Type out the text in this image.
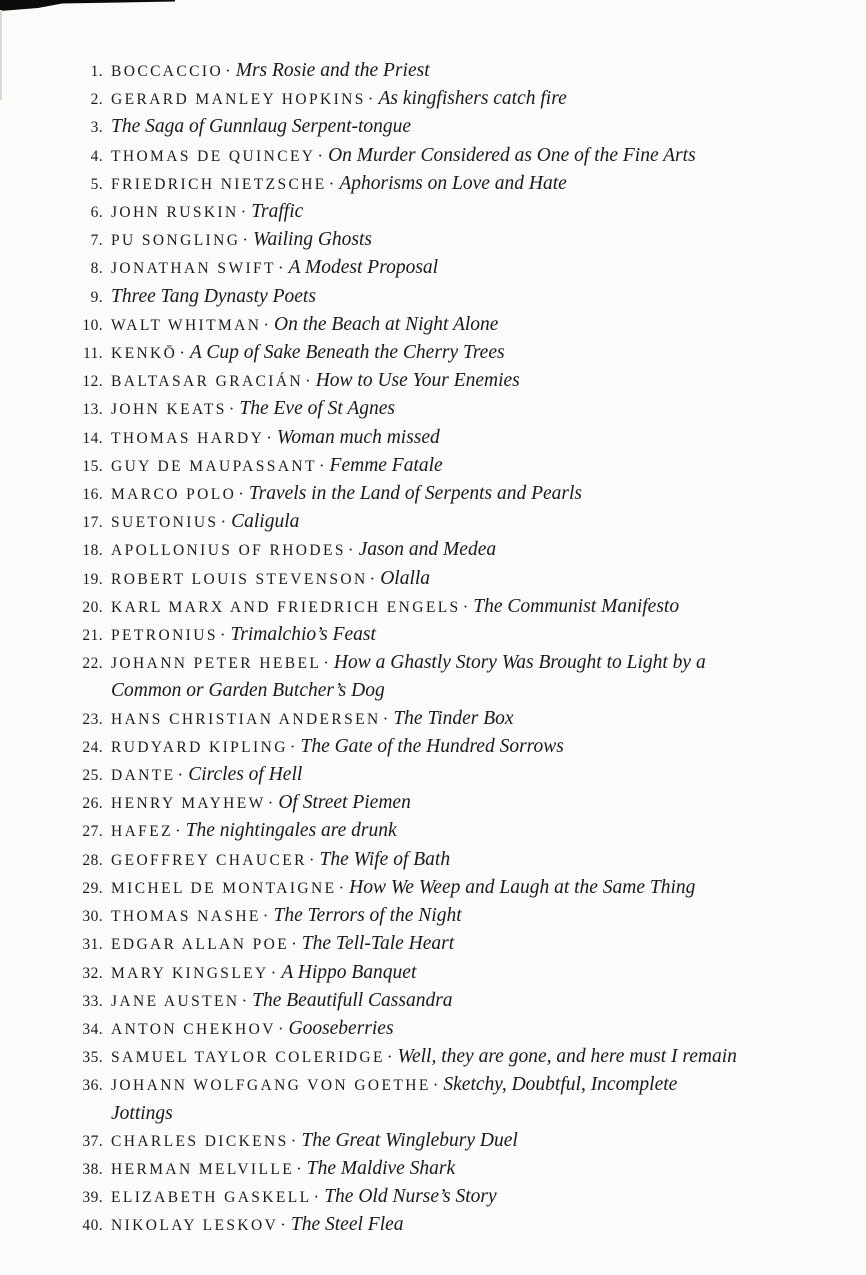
1. BOCCACCIO · Mrs Rosie and the Priest
2. GERARD MANLEY HOPKINS · As kingfishers catch fire
3. The Saga of Gunnlaug Serpent-tongue
4. THOMAS DE QUINCEY · On Murder Considered as One of the Fine Arts
5. FRIEDRICH NIETZSCHE · Aphorisms on Love and Hate
6. JOHN RUSKIN · Traffic
7. PU SONGLING · Wailing Ghosts
8. JONATHAN SWIFT · A Modest Proposal
9. Three Tang Dynasty Poets
10. WALT WHITMAN · On the Beach at Night Alone
11. KENKŌ · A Cup of Sake Beneath the Cherry Trees
12. BALTASAR GRACIÁN · How to Use Your Enemies
13. JOHN KEATS · The Eve of St Agnes
14. THOMAS HARDY · Woman much missed
15. GUY DE MAUPASSANT · Femme Fatale
16. MARCO POLO · Travels in the Land of Serpents and Pearls
17. SUETONIUS · Caligula
18. APOLLONIUS OF RHODES · Jason and Medea
19. ROBERT LOUIS STEVENSON · Olalla
20. KARL MARX AND FRIEDRICH ENGELS · The Communist Manifesto
21. PETRONIUS · Trimalchio’s Feast
22. JOHANN PETER HEBEL · How a Ghastly Story Was Brought to Light by a
Common or Garden Butcher’s Dog
23. HANS CHRISTIAN ANDERSEN · The Tinder Box
24. RUDYARD KIPLING · The Gate of the Hundred Sorrows
25. DANTE · Circles of Hell
26. HENRY MAYHEW · Of Street Piemen
27. HAFEZ · The nightingales are drunk
28. GEOFFREY CHAUCER · The Wife of Bath
29. MICHEL DE MONTAIGNE · How We Weep and Laugh at the Same Thing
30. THOMAS NASHE · The Terrors of the Night
31. EDGAR ALLAN POE · The Tell-Tale Heart
32. MARY KINGSLEY · A Hippo Banquet
33. JANE AUSTEN · The Beautifull Cassandra
34. ANTON CHEKHOV · Gooseberries
35. SAMUEL TAYLOR COLERIDGE · Well, they are gone, and here must I remain
36. JOHANN WOLFGANG VON GOETHE · Sketchy, Doubtful, Incomplete
Jottings
37. CHARLES DICKENS · The Great Winglebury Duel
38. HERMAN MELVILLE · The Maldive Shark
39. ELIZABETH GASKELL · The Old Nurse’s Story
40. NIKOLAY LESKOV · The Steel Flea
